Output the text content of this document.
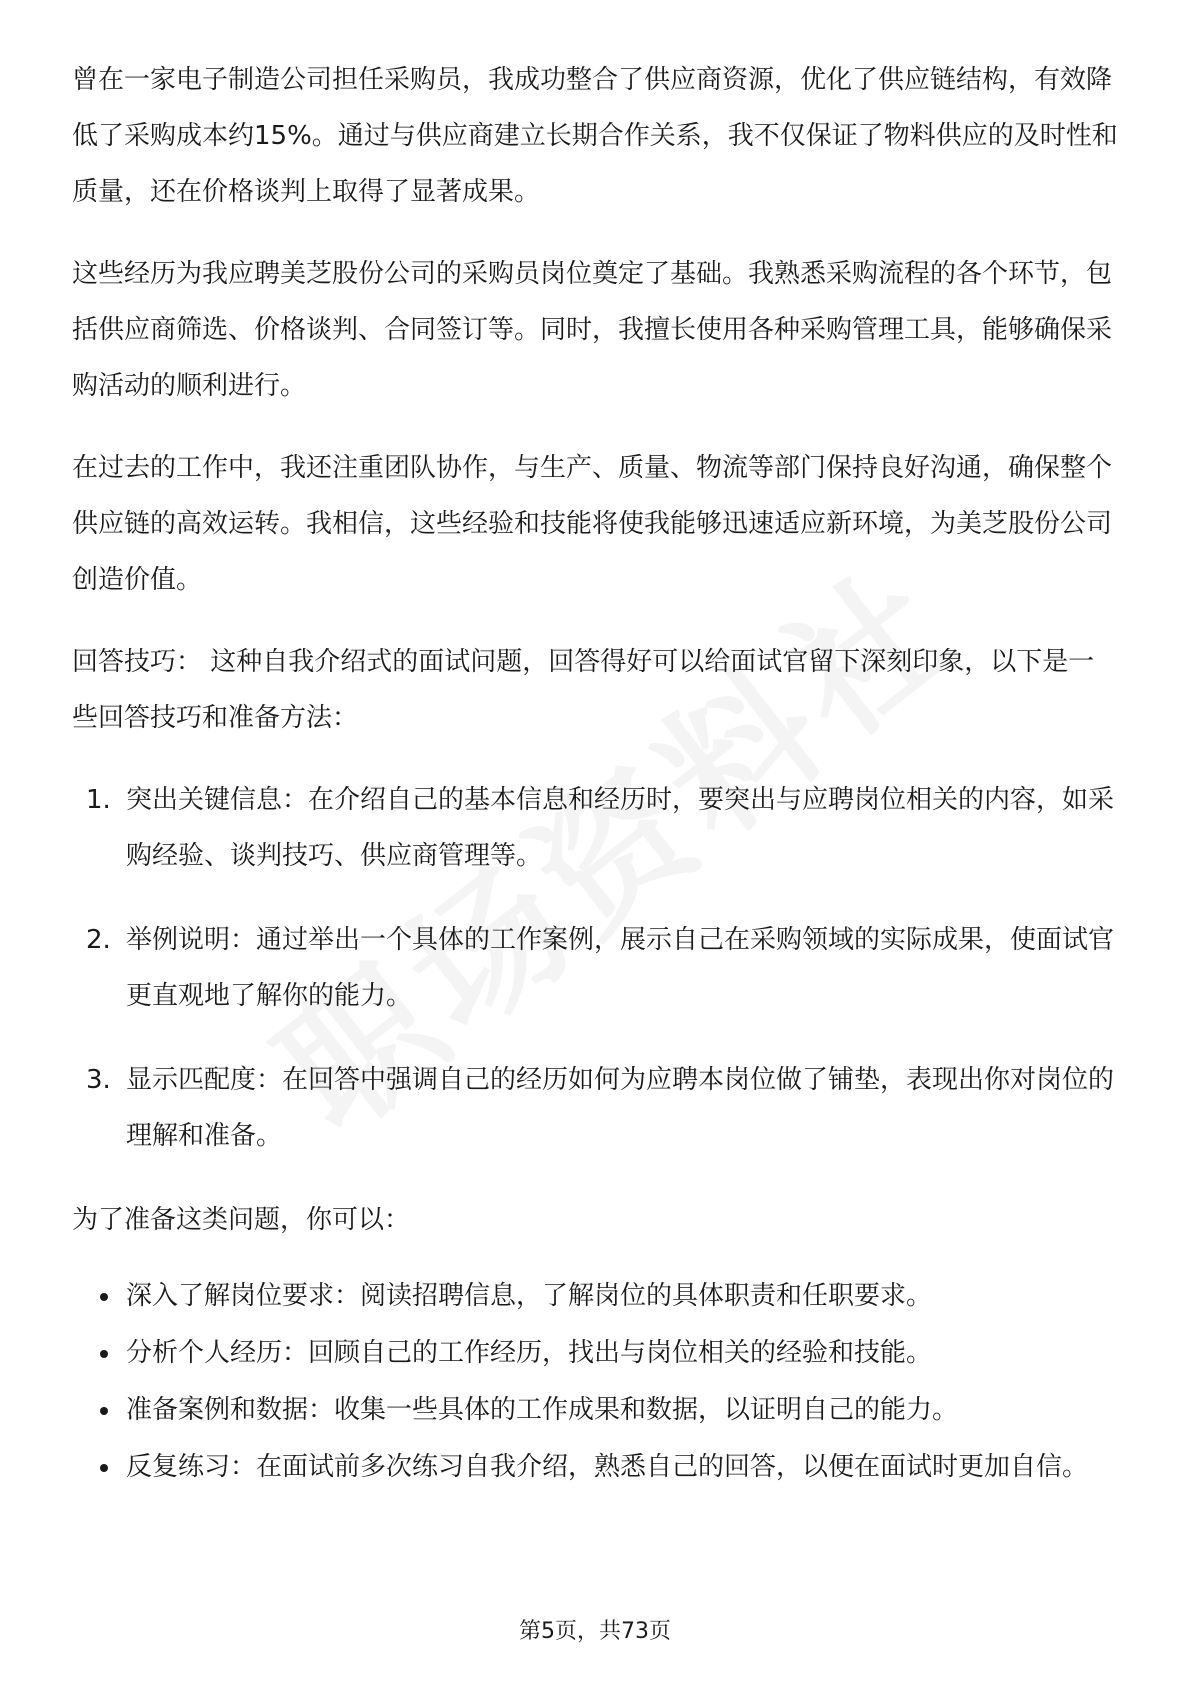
曾在一家电子制造公司担任采购员，我成功整合了供应商资源，优化了供应链结构，有效降低了采购成本约15%。通过与供应商建立长期合作关系，我不仅保证了物料供应的及时性和质量，还在价格谈判上取得了显著成果。

这些经历为我应聘美芝股份公司的采购员岗位奠定了基础。我熟悉采购流程的各个环节，包括供应商筛选、价格谈判、合同签订等。同时，我擅长使用各种采购管理工具，能够确保采购活动的顺利进行。

在过去的工作中，我还注重团队协作，与生产、质量、物流等部门保持良好沟通，确保整个供应链的高效运转。我相信，这些经验和技能将使我能够迅速适应新环境，为美芝股份公司创造价值。

回答技巧： 这种自我介绍式的面试问题，回答得好可以给面试官留下深刻印象，以下是一些回答技巧和准备方法：

1. 突出关键信息：在介绍自己的基本信息和经历时，要突出与应聘岗位相关的内容，如采购经验、谈判技巧、供应商管理等。
2. 举例说明：通过举出一个具体的工作案例，展示自己在采购领域的实际成果，使面试官更直观地了解你的能力。
3. 显示匹配度：在回答中强调自己的经历如何为应聘本岗位做了铺垫，表现出你对岗位的理解和准备。

为了准备这类问题，你可以：

深入了解岗位要求：阅读招聘信息，了解岗位的具体职责和任职要求。
分析个人经历：回顾自己的工作经历，找出与岗位相关的经验和技能。
准备案例和数据：收集一些具体的工作成果和数据，以证明自己的能力。
反复练习：在面试前多次练习自我介绍，熟悉自己的回答，以便在面试时更加自信。
第5页，共73页
